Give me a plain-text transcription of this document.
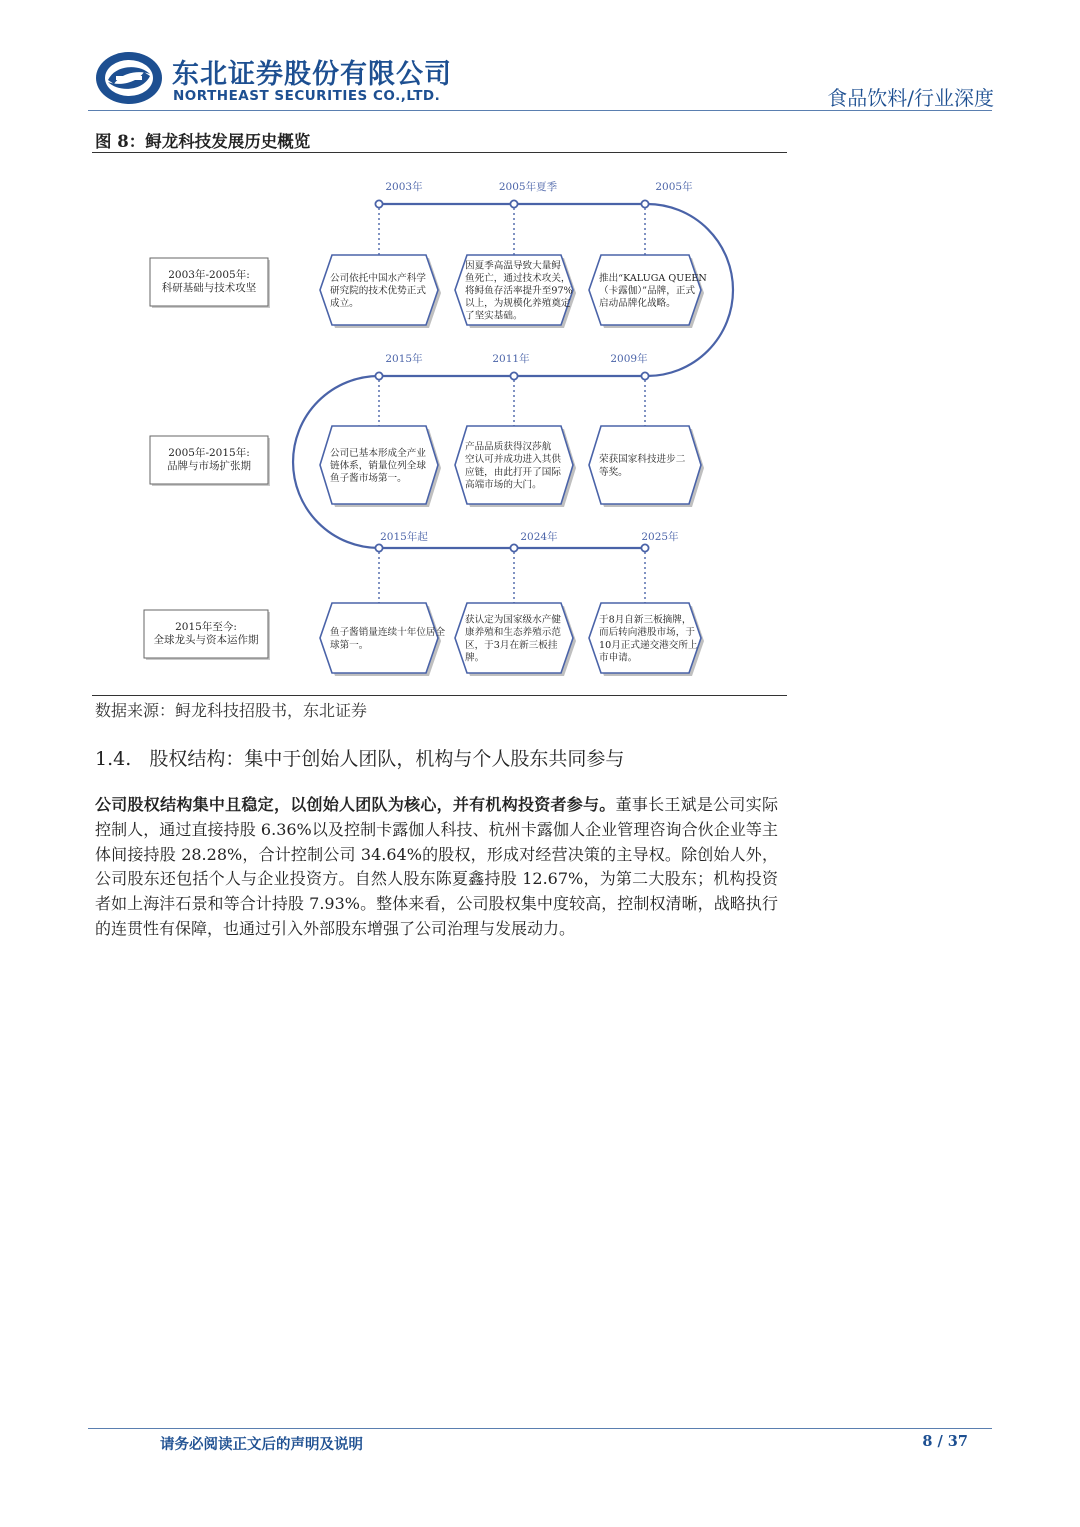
东北证券股份有限公司
NORTHEAST SECURITIES CO.,LTD.	食品饮料/行业深度
图 8：鲟龙科技发展历史概览
2003年-2005年:
科研基础与技术攻坚
2005年-2015年:
品牌与市场扩张期
2015年至今:
全球龙头与资本运作期
2003年
公司依托中国水产科学
研究院的技术优势正式
成立。
2005年夏季
因夏季高温导致大量鲟
鱼死亡，通过技术攻关，
将鲟鱼存活率提升至97%
以上，为规模化养殖奠定
了坚实基础。
2005年
推出“KALUGA QUEEN
（卡露伽）”品牌，正式
启动品牌化战略。
2015年
公司已基本形成全产业
链体系，销量位列全球
鱼子酱市场第一。
2011年
产品品质获得汉莎航
空认可并成功进入其供
应链，由此打开了国际
高端市场的大门。
2009年
荣获国家科技进步二
等奖。
2015年起
鱼子酱销量连续十年位居全
球第一。
2024年
获认定为国家级水产健
康养殖和生态养殖示范
区，于3月在新三板挂
牌。
2025年
于8月自新三板摘牌，
而后转向港股市场，于
10月正式递交港交所上
市申请。
数据来源：鲟龙科技招股书，东北证券
1.4. 股权结构：集中于创始人团队，机构与个人股东共同参与
公司股权结构集中且稳定，以创始人团队为核心，并有机构投资者参与。董事长王斌是公司实际控制人，通过直接持股 6.36%以及控制卡露伽人科技、杭州卡露伽人企业管理咨询合伙企业等主体间接持股 28.28%，合计控制公司 34.64%的股权，形成对经营决策的主导权。除创始人外，公司股东还包括个人与企业投资方。自然人股东陈夏鑫持股 12.67%，为第二大股东；机构投资者如上海沣石景和等合计持股 7.93%。整体来看，公司股权集中度较高，控制权清晰，战略执行的连贯性有保障，也通过引入外部股东增强了公司治理与发展动力。
请务必阅读正文后的声明及说明	8 / 37
